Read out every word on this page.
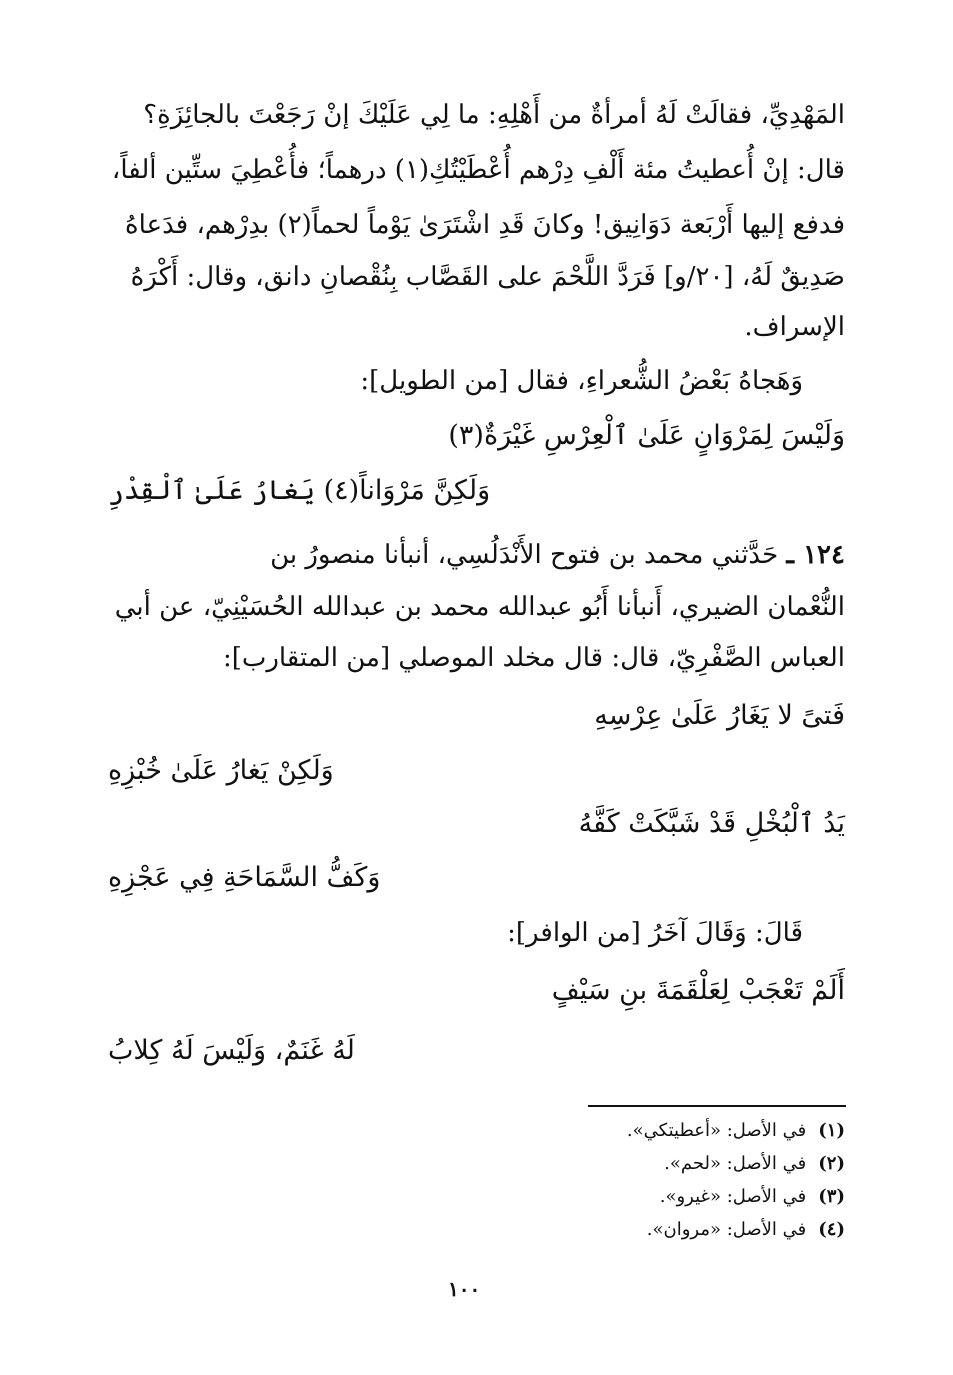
المَهْدِيِّ، فقالَتْ لَهُ أمرأةٌ من أَهْلِهِ: ما لِي عَلَيْكَ إنْ رَجَعْتَ بالجائِزَةِ؟
قال: إنْ أُعطيتُ مئة أَلْفِ دِرْهم أُعْطَيْتُكِ(١) درهماً؛ فأُعْطِيَ ستِّين ألفاً،
فدفع إليها أَرْبَعة دَوَانِيق! وكانَ قَدِ اشْتَرَىٰ يَوْماً لحماً(٢) بدِرْهم، فدَعاهُ
صَدِيقٌ لَهُ، [٢٠/و] فَرَدَّ اللَّحْمَ على القَصَّاب بِنُقْصانِ دانق، وقال: أَكْرَهُ
الإسراف.
وَهَجاهُ بَعْضُ الشُّعراءِ، فقال [من الطويل]:
وَلَيْسَ لِمَرْوَانٍ عَلَىٰ ٱلْعِرْسِ غَيْرَةٌ(٣)
وَلَكِنَّ مَرْوَاناً(٤) يَغارُ عَلَىٰ ٱلْقِدْرِ
١٢٤ ـ حَدَّثني محمد بن فتوح الأَنْدَلُسِي، أنبأنا منصورُ بن
النُّعْمان الضيري، أَنبأنا أَبُو عبدالله محمد بن عبدالله الحُسَيْنِيّ، عن أبي
العباس الصَّفْرِيّ، قال: قال مخلد الموصلي [من المتقارب]:
فَتىً لا يَغَارُ عَلَىٰ عِرْسِهِ
وَلَكِنْ يَغارُ عَلَىٰ خُبْزِهِ
يَدُ ٱلْبُخْلِ قَدْ شَبَّكَتْ كَفَّهُ
وَكَفُّ السَّمَاحَةِ فِي عَجْزِهِ
قَالَ: وَقَالَ آخَرُ [من الوافر]:
أَلَمْ تَعْجَبْ لِعَلْقَمَةَ بنِ سَيْفٍ
لَهُ غَنَمٌ، وَلَيْسَ لَهُ كِلابُ
(١)في الأصل: «أعطيتكي».
(٢)في الأصل: «لحم».
(٣)في الأصل: «غيرو».
(٤)في الأصل: «مروان».
١٠٠
